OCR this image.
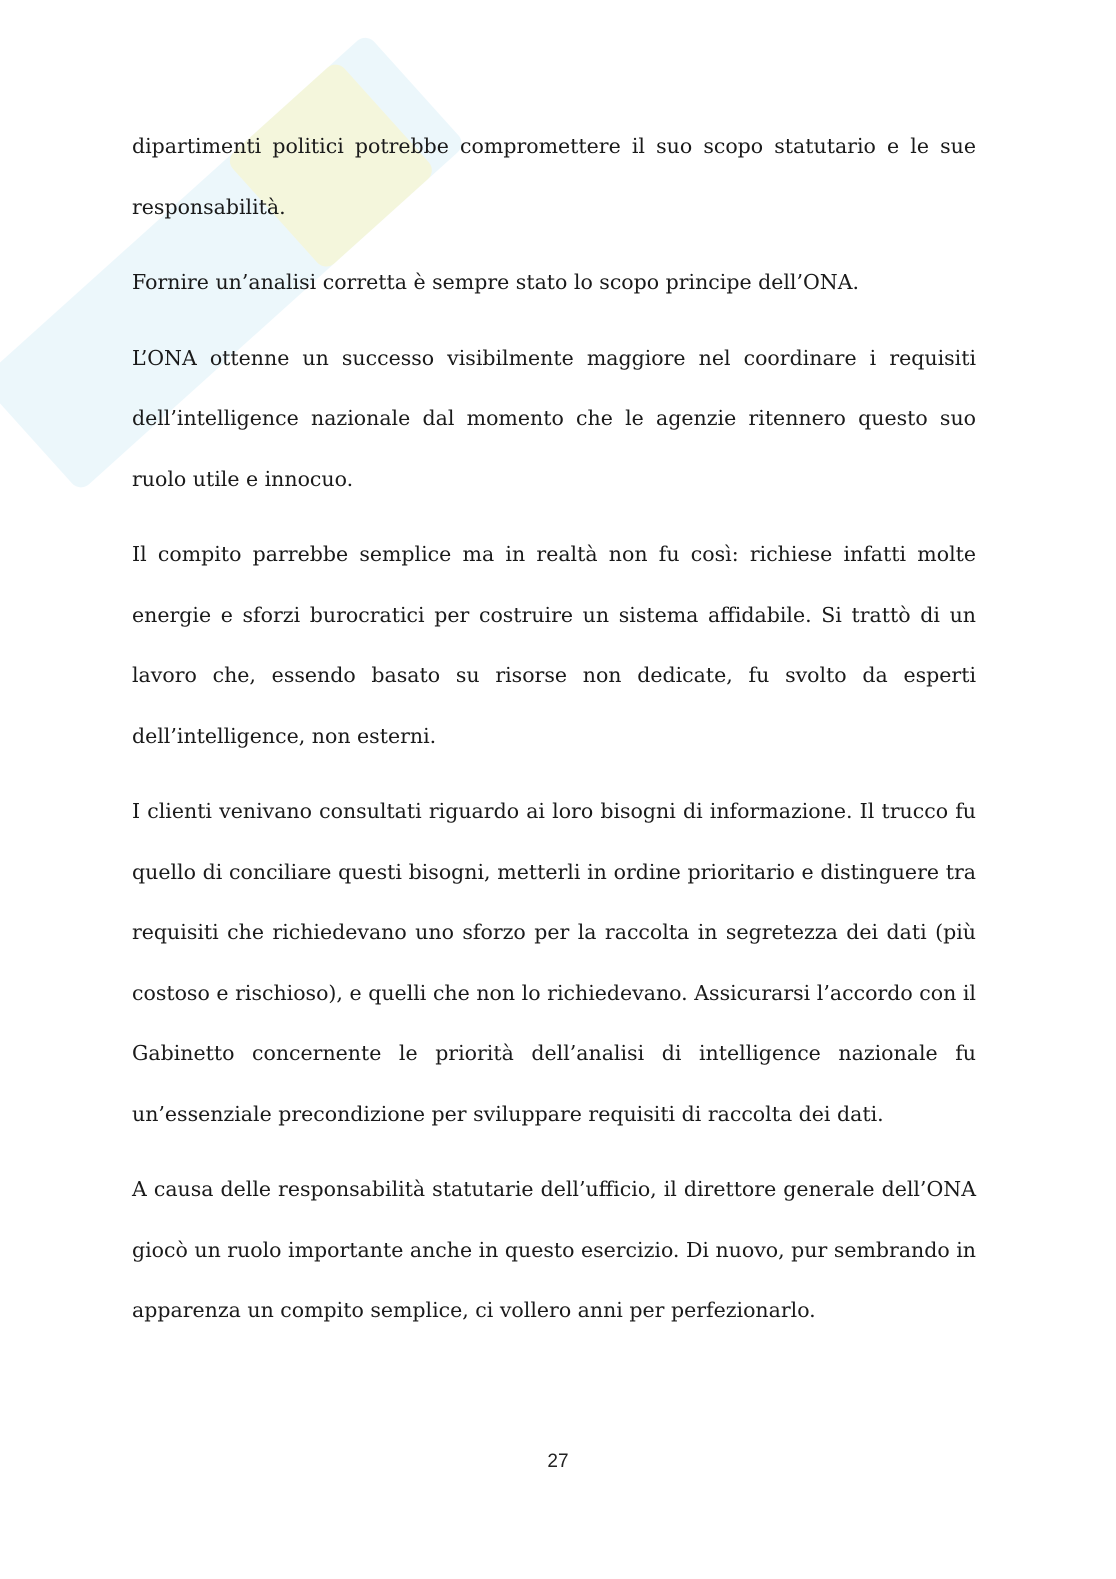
dipartimenti politici potrebbe compromettere il suo scopo statutario e le sue responsabilità.

Fornire un’analisi corretta è sempre stato lo scopo principe dell’ONA.

L’ONA ottenne un successo visibilmente maggiore nel coordinare i requisiti dell’intelligence nazionale dal momento che le agenzie ritennero questo suo ruolo utile e innocuo.

Il compito parrebbe semplice ma in realtà non fu così: richiese infatti molte energie e sforzi burocratici per costruire un sistema affidabile. Si trattò di un lavoro che, essendo basato su risorse non dedicate, fu svolto da esperti dell’intelligence, non esterni.

I clienti venivano consultati riguardo ai loro bisogni di informazione. Il trucco fu quello di conciliare questi bisogni, metterli in ordine prioritario e distinguere tra requisiti che richiedevano uno sforzo per la raccolta in segretezza dei dati (più costoso e rischioso), e quelli che non lo richiedevano. Assicurarsi l’accordo con il Gabinetto concernente le priorità dell’analisi di intelligence nazionale fu un’essenziale precondizione per sviluppare requisiti di raccolta dei dati.

A causa delle responsabilità statutarie dell’ufficio, il direttore generale dell’ONA giocò un ruolo importante anche in questo esercizio. Di nuovo, pur sembrando in apparenza un compito semplice, ci vollero anni per perfezionarlo.

27
